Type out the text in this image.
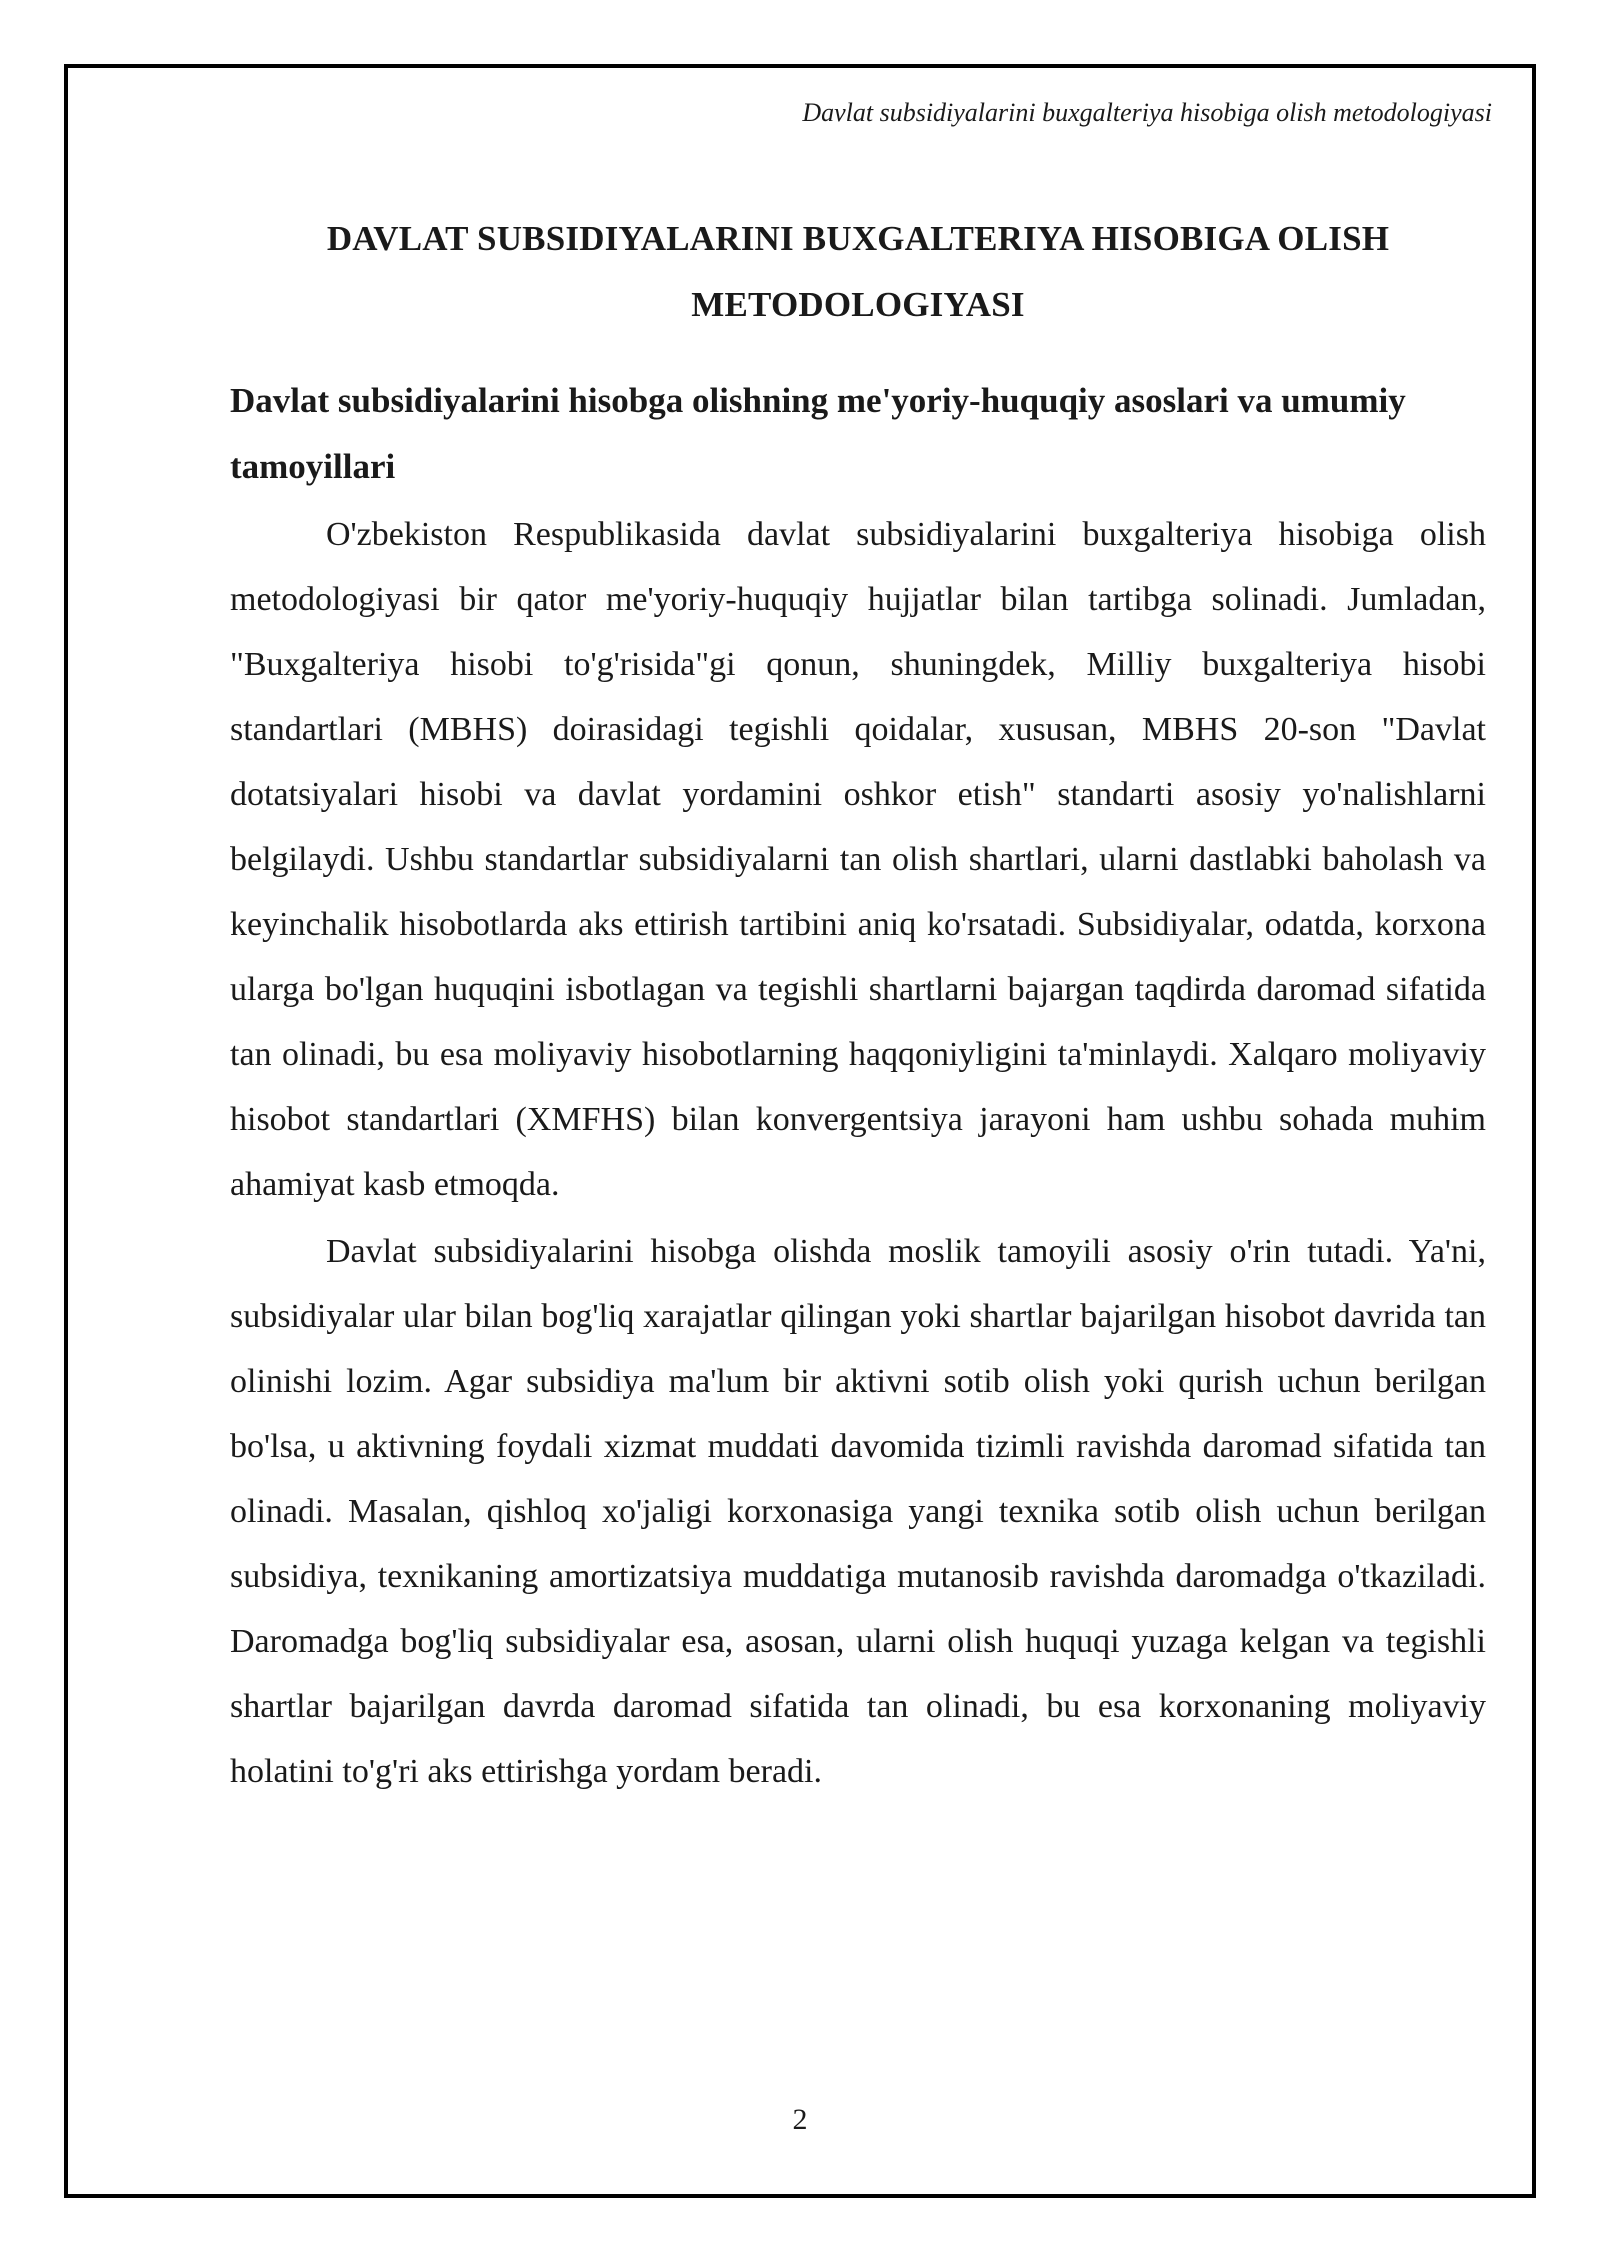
Davlat subsidiyalarini buxgalteriya hisobiga olish metodologiyasi
DAVLAT SUBSIDIYALARINI BUXGALTERIYA HISOBIGA OLISH METODOLOGIYASI
Davlat subsidiyalarini hisobga olishning me'yoriy-huquqiy asoslari va umumiy tamoyillari

O'zbekiston Respublikasida davlat subsidiyalarini buxgalteriya hisobiga olish metodologiyasi bir qator me'yoriy-huquqiy hujjatlar bilan tartibga solinadi. Jumladan, "Buxgalteriya hisobi to'g'risida"gi qonun, shuningdek, Milliy buxgalteriya hisobi standartlari (MBHS) doirasidagi tegishli qoidalar, xususan, MBHS 20-son "Davlat dotatsiyalari hisobi va davlat yordamini oshkor etish" standarti asosiy yo'nalishlarni belgilaydi. Ushbu standartlar subsidiyalarni tan olish shartlari, ularni dastlabki baholash va keyinchalik hisobotlarda aks ettirish tartibini aniq ko'rsatadi. Subsidiyalar, odatda, korxona ularga bo'lgan huquqini isbotlagan va tegishli shartlarni bajargan taqdirda daromad sifatida tan olinadi, bu esa moliyaviy hisobotlarning haqqoniyligini ta'minlaydi. Xalqaro moliyaviy hisobot standartlari (XMFHS) bilan konvergentsiya jarayoni ham ushbu sohada muhim ahamiyat kasb etmoqda.

Davlat subsidiyalarini hisobga olishda moslik tamoyili asosiy o'rin tutadi. Ya'ni, subsidiyalar ular bilan bog'liq xarajatlar qilingan yoki shartlar bajarilgan hisobot davrida tan olinishi lozim. Agar subsidiya ma'lum bir aktivni sotib olish yoki qurish uchun berilgan bo'lsa, u aktivning foydali xizmat muddati davomida tizimli ravishda daromad sifatida tan olinadi. Masalan, qishloq xo'jaligi korxonasiga yangi texnika sotib olish uchun berilgan subsidiya, texnikaning amortizatsiya muddatiga mutanosib ravishda daromadga o'tkaziladi. Daromadga bog'liq subsidiyalar esa, asosan, ularni olish huquqi yuzaga kelgan va tegishli shartlar bajarilgan davrda daromad sifatida tan olinadi, bu esa korxonaning moliyaviy holatini to'g'ri aks ettirishga yordam beradi.

2
